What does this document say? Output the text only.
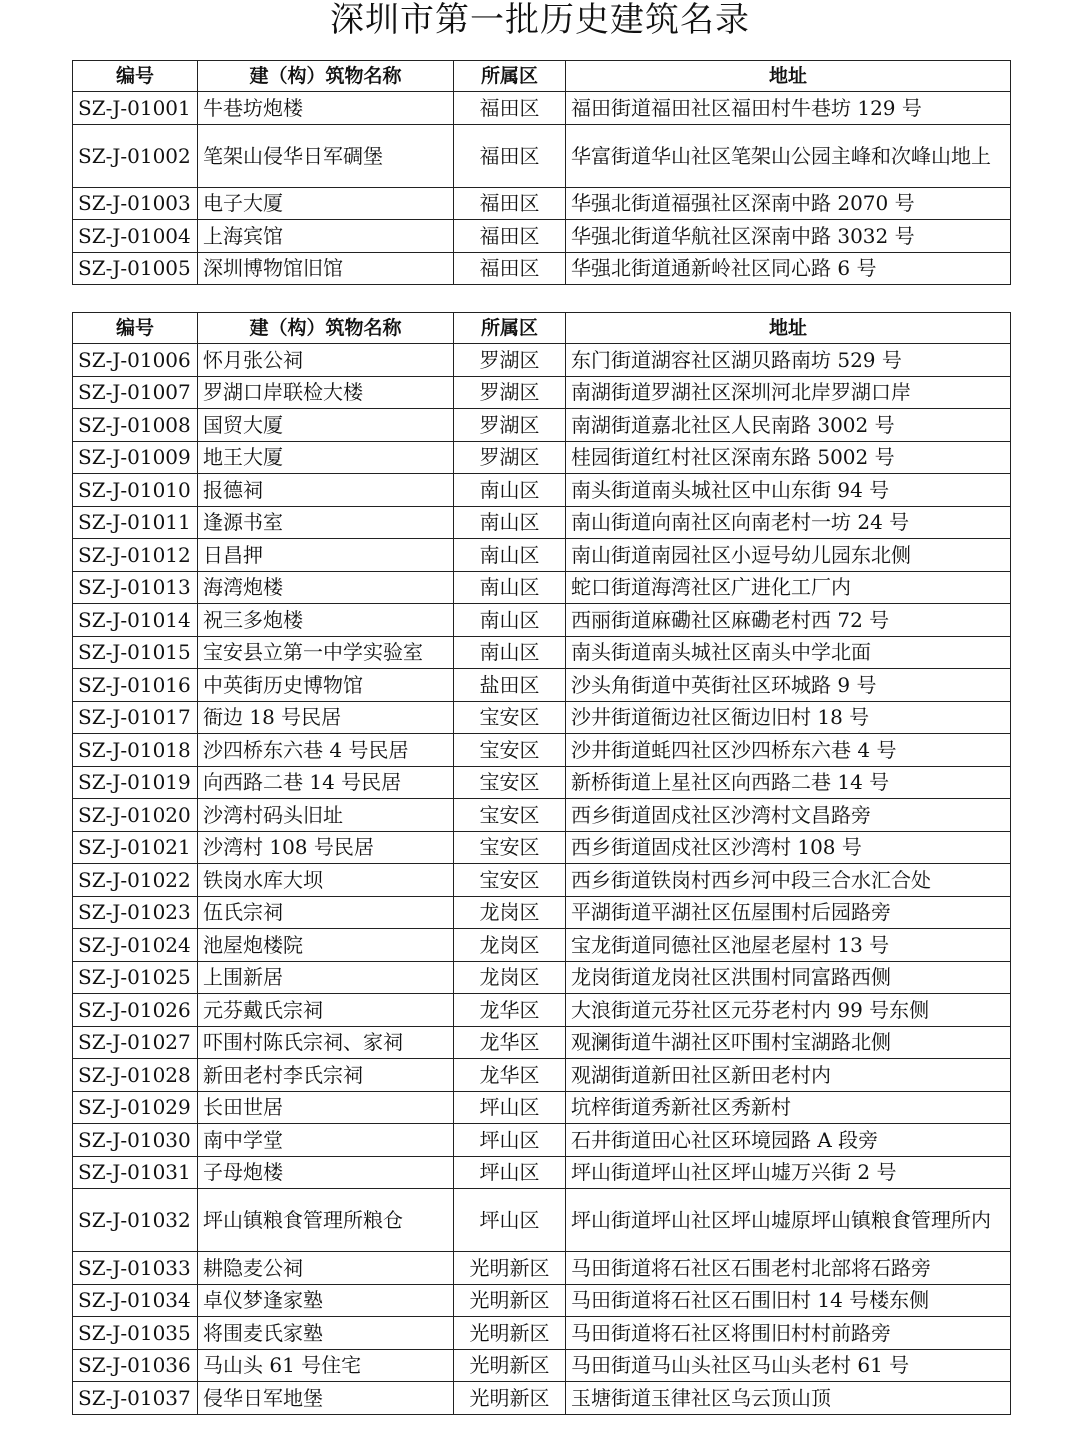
深圳市第一批历史建筑名录
编号	建（构）筑物名称	所属区	地址
SZ-J-01001	牛巷坊炮楼	福田区	福田街道福田社区福田村牛巷坊 129 号
SZ-J-01002	笔架山侵华日军碉堡	福田区	华富街道华山社区笔架山公园主峰和次峰山地上
SZ-J-01003	电子大厦	福田区	华强北街道福强社区深南中路 2070 号
SZ-J-01004	上海宾馆	福田区	华强北街道华航社区深南中路 3032 号
SZ-J-01005	深圳博物馆旧馆	福田区	华强北街道通新岭社区同心路 6 号
编号	建（构）筑物名称	所属区	地址
SZ-J-01006	怀月张公祠	罗湖区	东门街道湖容社区湖贝路南坊 529 号
SZ-J-01007	罗湖口岸联检大楼	罗湖区	南湖街道罗湖社区深圳河北岸罗湖口岸
SZ-J-01008	国贸大厦	罗湖区	南湖街道嘉北社区人民南路 3002 号
SZ-J-01009	地王大厦	罗湖区	桂园街道红村社区深南东路 5002 号
SZ-J-01010	报德祠	南山区	南头街道南头城社区中山东街 94 号
SZ-J-01011	逢源书室	南山区	南山街道向南社区向南老村一坊 24 号
SZ-J-01012	日昌押	南山区	南山街道南园社区小逗号幼儿园东北侧
SZ-J-01013	海湾炮楼	南山区	蛇口街道海湾社区广进化工厂内
SZ-J-01014	祝三多炮楼	南山区	西丽街道麻磡社区麻磡老村西 72 号
SZ-J-01015	宝安县立第一中学实验室	南山区	南头街道南头城社区南头中学北面
SZ-J-01016	中英街历史博物馆	盐田区	沙头角街道中英街社区环城路 9 号
SZ-J-01017	衙边 18 号民居	宝安区	沙井街道衙边社区衙边旧村 18 号
SZ-J-01018	沙四桥东六巷 4 号民居	宝安区	沙井街道蚝四社区沙四桥东六巷 4 号
SZ-J-01019	向西路二巷 14 号民居	宝安区	新桥街道上星社区向西路二巷 14 号
SZ-J-01020	沙湾村码头旧址	宝安区	西乡街道固戍社区沙湾村文昌路旁
SZ-J-01021	沙湾村 108 号民居	宝安区	西乡街道固戍社区沙湾村 108 号
SZ-J-01022	铁岗水库大坝	宝安区	西乡街道铁岗村西乡河中段三合水汇合处
SZ-J-01023	伍氏宗祠	龙岗区	平湖街道平湖社区伍屋围村后园路旁
SZ-J-01024	池屋炮楼院	龙岗区	宝龙街道同德社区池屋老屋村 13 号
SZ-J-01025	上围新居	龙岗区	龙岗街道龙岗社区洪围村同富路西侧
SZ-J-01026	元芬戴氏宗祠	龙华区	大浪街道元芬社区元芬老村内 99 号东侧
SZ-J-01027	吓围村陈氏宗祠、家祠	龙华区	观澜街道牛湖社区吓围村宝湖路北侧
SZ-J-01028	新田老村李氏宗祠	龙华区	观湖街道新田社区新田老村内
SZ-J-01029	长田世居	坪山区	坑梓街道秀新社区秀新村
SZ-J-01030	南中学堂	坪山区	石井街道田心社区环境园路 A 段旁
SZ-J-01031	子母炮楼	坪山区	坪山街道坪山社区坪山墟万兴街 2 号
SZ-J-01032	坪山镇粮食管理所粮仓	坪山区	坪山街道坪山社区坪山墟原坪山镇粮食管理所内
SZ-J-01033	耕隐麦公祠	光明新区	马田街道将石社区石围老村北部将石路旁
SZ-J-01034	卓仪梦逢家塾	光明新区	马田街道将石社区石围旧村 14 号楼东侧
SZ-J-01035	将围麦氏家塾	光明新区	马田街道将石社区将围旧村村前路旁
SZ-J-01036	马山头 61 号住宅	光明新区	马田街道马山头社区马山头老村 61 号
SZ-J-01037	侵华日军地堡	光明新区	玉塘街道玉律社区乌云顶山顶
